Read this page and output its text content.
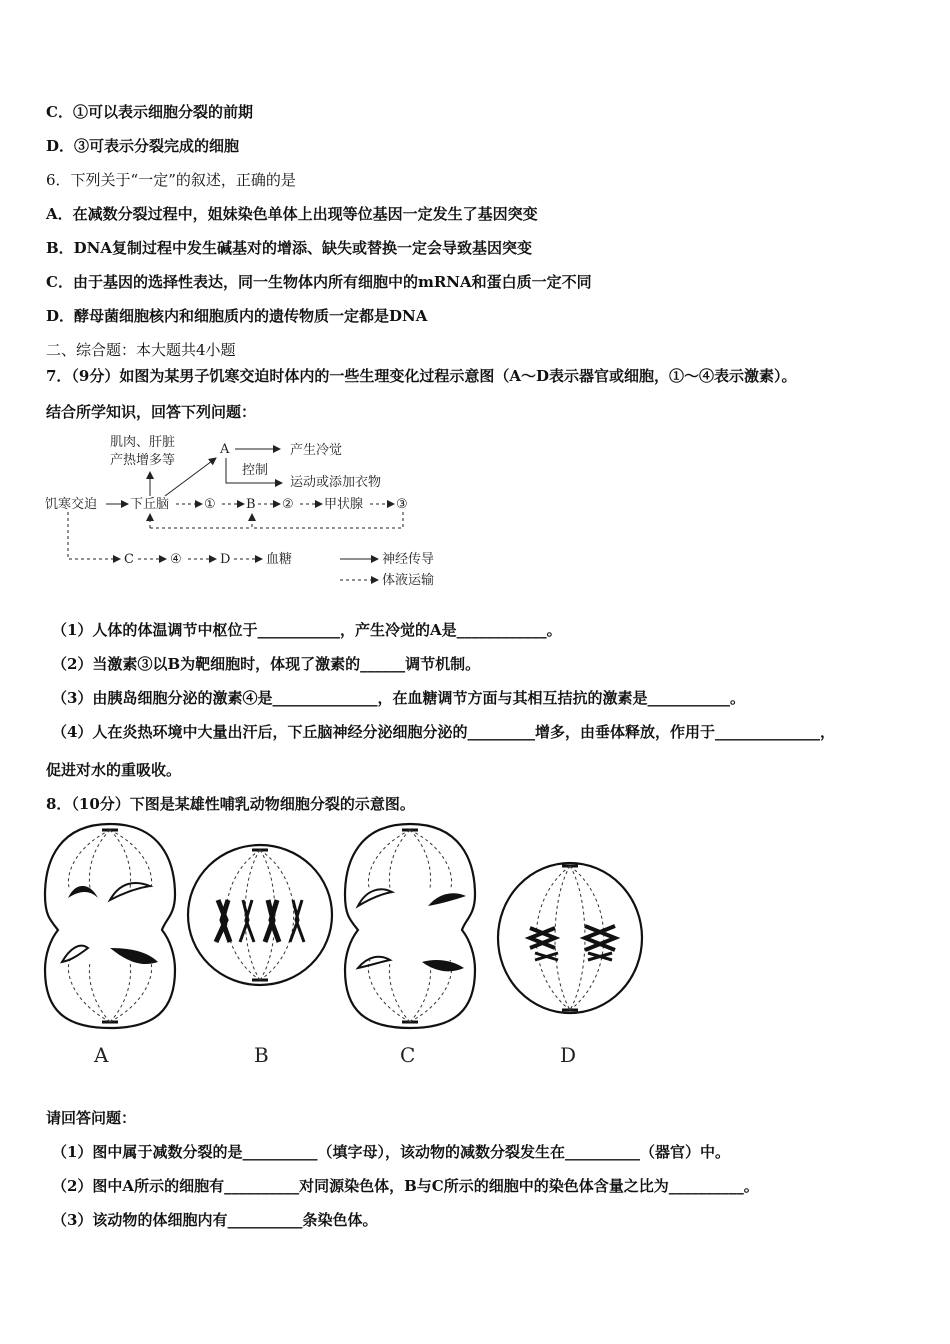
C．①可以表示细胞分裂的前期
D．③可表示分裂完成的细胞
6．下列关于“一定”的叙述，正确的是
A．在减数分裂过程中，姐妹染色单体上出现等位基因一定发生了基因突变
B．DNA复制过程中发生碱基对的增添、缺失或替换一定会导致基因突变
C．由于基因的选择性表达，同一生物体内所有细胞中的mRNA和蛋白质一定不同
D．酵母菌细胞核内和细胞质内的遗传物质一定都是DNA
二、综合题：本大题共4小题
7．（9分）如图为某男子饥寒交迫时体内的一些生理变化过程示意图（A～D表示器官或细胞，①～④表示激素）。
结合所学知识，回答下列问题：
肌肉、肝脏
产热增多等
A	产生冷觉
控制
运动或添加衣物
饥寒交迫	下丘脑	① B ② 甲状腺	③
C	④	D	血糖	神经传导
体液运输
（1）人体的体温调节中枢位于___________，产生冷觉的A是____________。
（2）当激素③以B为靶细胞时，体现了激素的______调节机制。
（3）由胰岛细胞分泌的激素④是______________，在血糖调节方面与其相互拮抗的激素是___________。
（4）人在炎热环境中大量出汗后，下丘脑神经分泌细胞分泌的_________增多，由垂体释放，作用于______________，
促进对水的重吸收。
8．（10分）下图是某雄性哺乳动物细胞分裂的示意图。
A	B	C	D
请回答问题：
（1）图中属于减数分裂的是__________（填字母），该动物的减数分裂发生在__________（器官）中。
（2）图中A所示的细胞有__________对同源染色体，B与C所示的细胞中的染色体含量之比为__________。
（3）该动物的体细胞内有__________条染色体。
